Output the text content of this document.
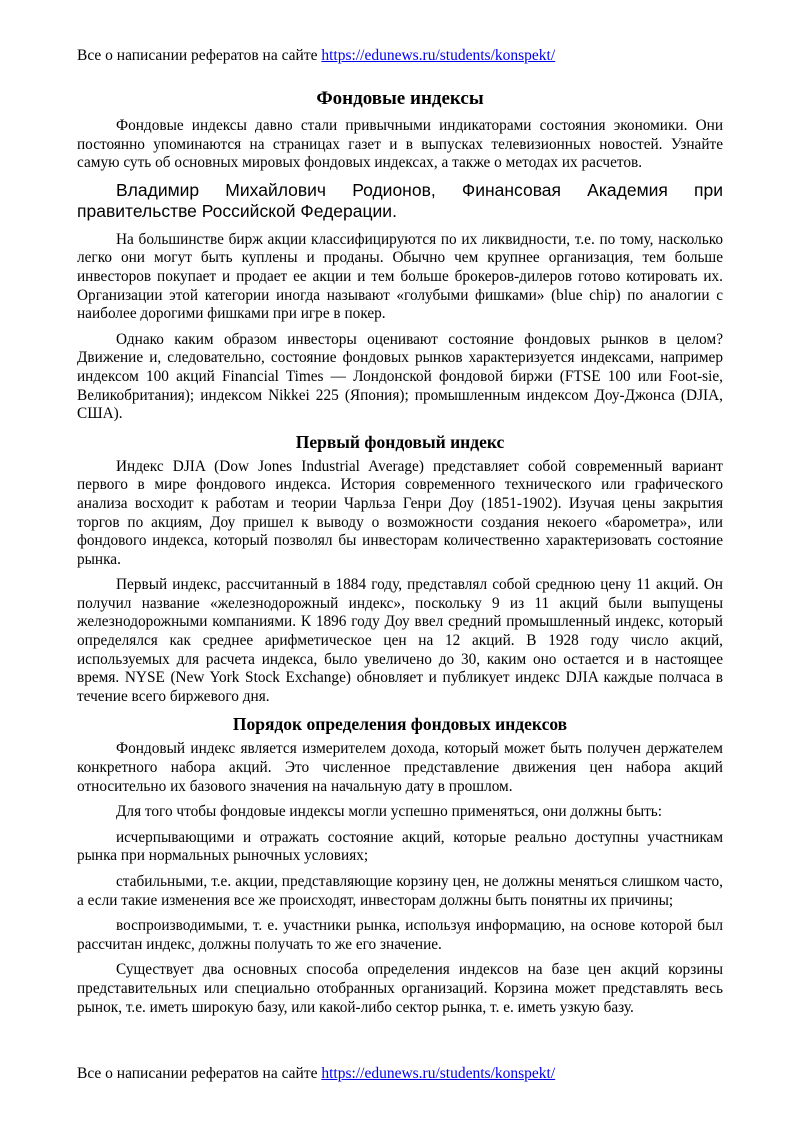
Все о написании рефератов на сайте https://edunews.ru/students/konspekt/
Фондовые индексы

Фондовые индексы давно стали привычными индикаторами состояния экономики. Они постоянно упоминаются на страницах газет и в выпусках телевизионных новостей. Узнайте самую суть об основных мировых фондовых индексах, а также о методах их расчетов.

Владимир Михайлович Родионов, Финансовая Академия при правительстве Российской Федерации.

На большинстве бирж акции классифицируются по их ликвидности, т.е. по тому, насколько легко они могут быть куплены и проданы. Обычно чем крупнее организация, тем больше инвесторов покупает и продает ее акции и тем больше брокеров-дилеров готово котировать их. Организации этой категории иногда называют «голубыми фишками» (blue chip) по аналогии с наиболее дорогими фишками при игре в покер.

Однако каким образом инвесторы оценивают состояние фондовых рынков в целом? Движение и, следовательно, состояние фондовых рынков характеризуется индексами, например индексом 100 акций Financial Times — Лондонской фондовой биржи (FTSE 100 или Foot-sie, Великобритания); индексом Nikkei 225 (Япония); промышленным индексом Доу-Джонса (DJIA, США).

Первый фондовый индекс

Индекс DJIA (Dow Jones Industrial Average) представляет собой современный вариант первого в мире фондового индекса. История современного технического или графического анализа восходит к работам и теории Чарльза Генри Доу (1851-1902). Изучая цены закрытия торгов по акциям, Доу пришел к выводу о возможности создания некоего «барометра», или фондового индекса, который позволял бы инвесторам количественно характеризовать состояние рынка.

Первый индекс, рассчитанный в 1884 году, представлял собой среднюю цену 11 акций. Он получил название «железнодорожный индекс», поскольку 9 из 11 акций были выпущены железнодорожными компаниями. К 1896 году Доу ввел средний промышленный индекс, который определялся как среднее арифметическое цен на 12 акций. В 1928 году число акций, используемых для расчета индекса, было увеличено до 30, каким оно остается и в настоящее время. NYSE (New York Stock Exchange) обновляет и публикует индекс DJIA каждые полчаса в течение всего биржевого дня.

Порядок определения фондовых индексов

Фондовый индекс является измерителем дохода, который может быть получен держателем конкретного набора акций. Это численное представление движения цен набора акций относительно их базового значения на начальную дату в прошлом.

Для того чтобы фондовые индексы могли успешно применяться, они должны быть:

исчерпывающими и отражать состояние акций, которые реально доступны участникам рынка при нормальных рыночных условиях;

стабильными, т.е. акции, представляющие корзину цен, не должны меняться слишком часто, а если такие изменения все же происходят, инвесторам должны быть понятны их причины;

воспроизводимыми, т. е. участники рынка, используя информацию, на основе которой был рассчитан индекс, должны получать то же его значение.

Существует два основных способа определения индексов на базе цен акций корзины представительных или специально отобранных организаций. Корзина может представлять весь рынок, т.е. иметь широкую базу, или какой-либо сектор рынка, т. е. иметь узкую базу.

Все о написании рефератов на сайте https://edunews.ru/students/konspekt/
